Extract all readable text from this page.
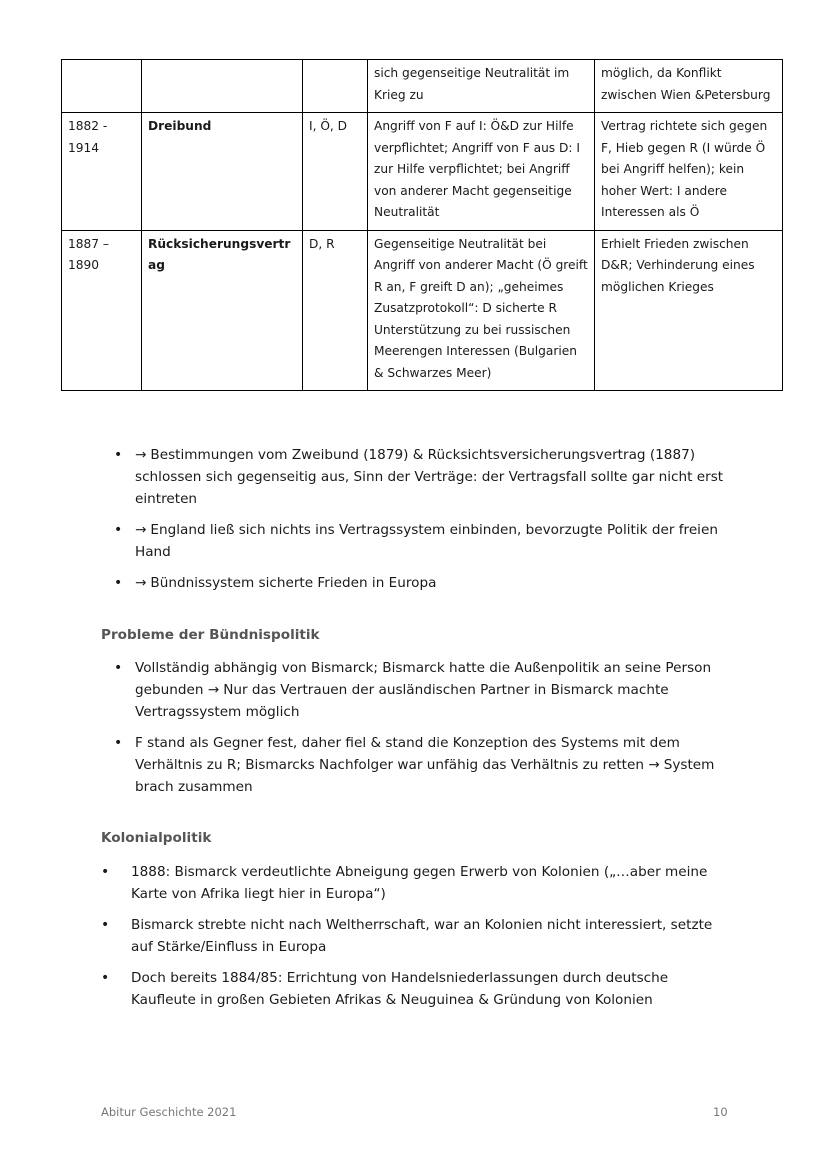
			sich gegenseitige Neutralität im Krieg zu	möglich, da Konflikt zwischen Wien &Petersburg
1882 - 1914	Dreibund	I, Ö, D	Angriff von F auf I: Ö&D zur Hilfe verpflichtet; Angriff von F aus D: I zur Hilfe verpflichtet; bei Angriff von anderer Macht gegenseitige Neutralität	Vertrag richtete sich gegen F, Hieb gegen R (I würde Ö bei Angriff helfen); kein hoher Wert: I andere Interessen als Ö
1887 – 1890	Rücksicherungsvertrag	D, R	Gegenseitige Neutralität bei Angriff von anderer Macht (Ö greift R an, F greift D an); „geheimes Zusatzprotokoll“: D sicherte R Unterstützung zu bei russischen Meerengen Interessen (Bulgarien & Schwarzes Meer)	Erhielt Frieden zwischen D&R; Verhinderung eines möglichen Krieges
• → Bestimmungen vom Zweibund (1879) & Rücksichtsversicherungsvertrag (1887) schlossen sich gegenseitig aus, Sinn der Verträge: der Vertragsfall sollte gar nicht erst eintreten
• → England ließ sich nichts ins Vertragssystem einbinden, bevorzugte Politik der freien Hand
• → Bündnissystem sicherte Frieden in Europa
Probleme der Bündnispolitik
• Vollständig abhängig von Bismarck; Bismarck hatte die Außenpolitik an seine Person gebunden → Nur das Vertrauen der ausländischen Partner in Bismarck machte Vertragssystem möglich
• F stand als Gegner fest, daher fiel & stand die Konzeption des Systems mit dem Verhältnis zu R; Bismarcks Nachfolger war unfähig das Verhältnis zu retten → System brach zusammen
Kolonialpolitik
• 1888: Bismarck verdeutlichte Abneigung gegen Erwerb von Kolonien („…aber meine Karte von Afrika liegt hier in Europa“)
• Bismarck strebte nicht nach Weltherrschaft, war an Kolonien nicht interessiert, setzte auf Stärke/Einfluss in Europa
• Doch bereits 1884/85: Errichtung von Handelsniederlassungen durch deutsche Kaufleute in großen Gebieten Afrikas & Neuguinea & Gründung von Kolonien
Abitur Geschichte 2021	10
